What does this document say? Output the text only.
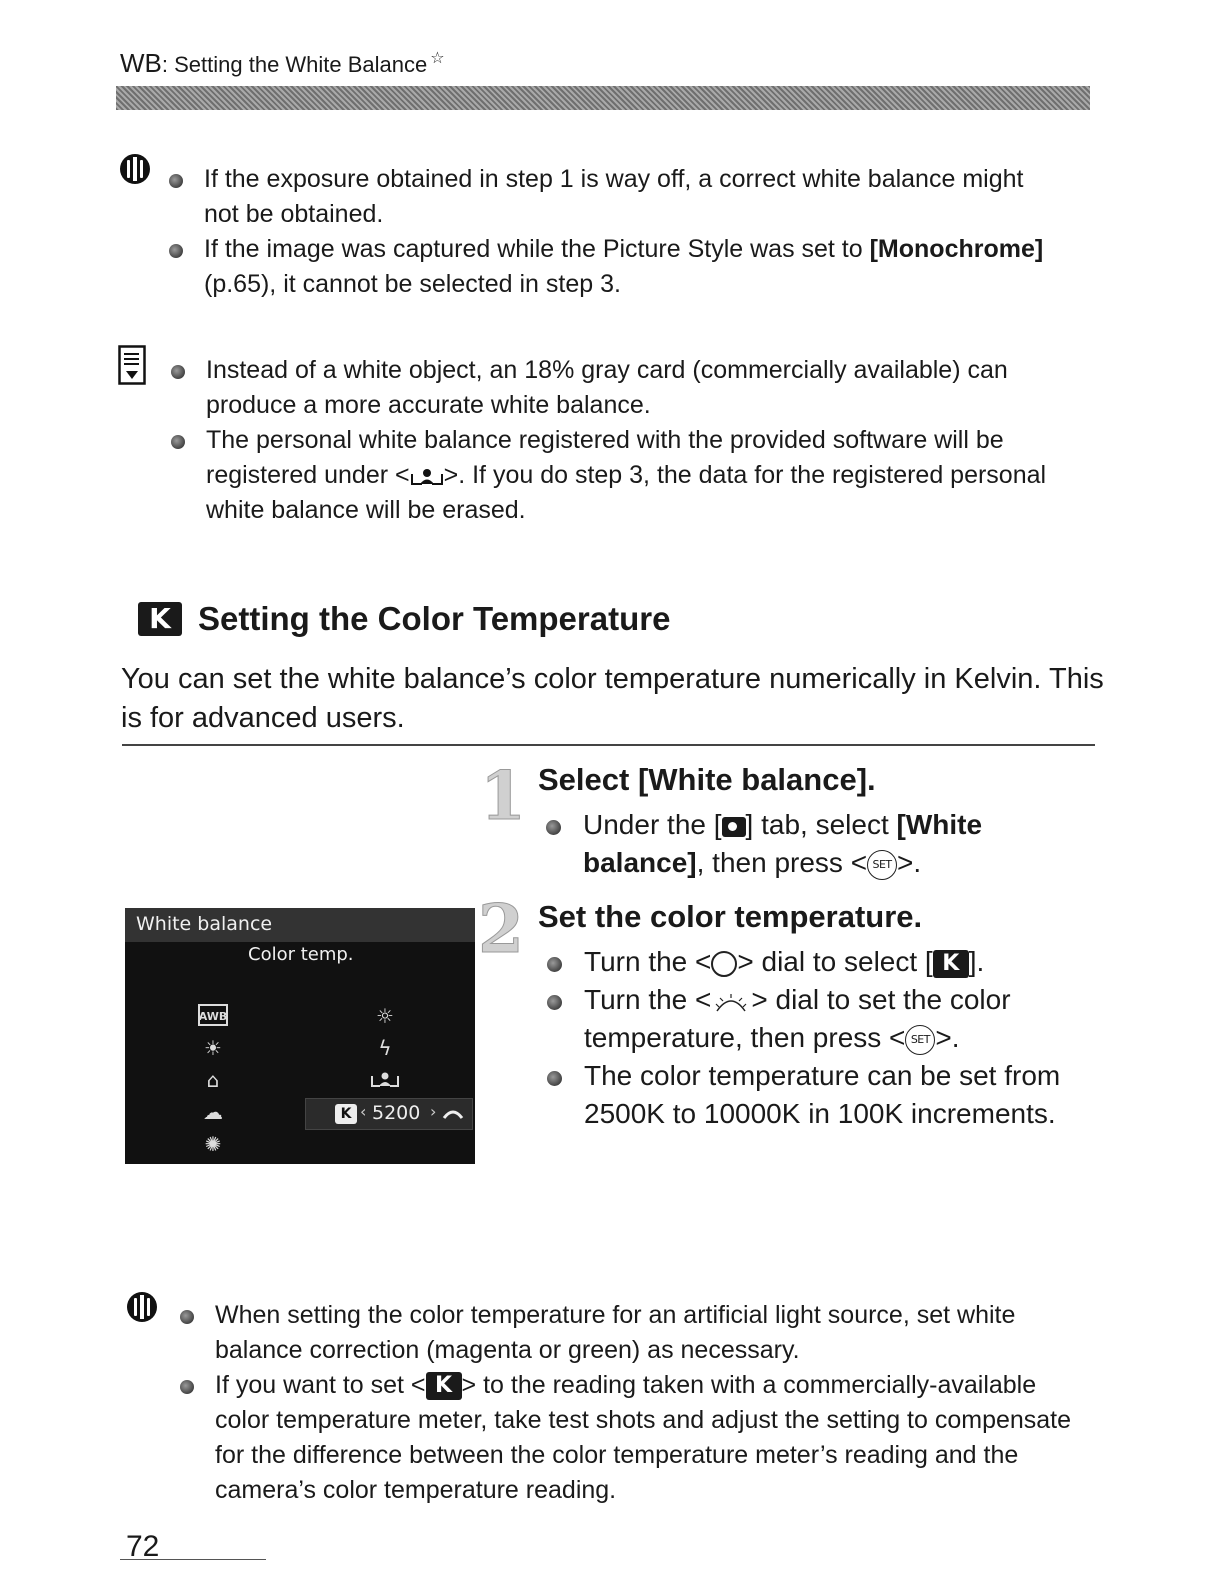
WB: Setting the White Balance ☆
If the exposure obtained in step 1 is way off, a correct white balance might not be obtained.
If the image was captured while the Picture Style was set to [Monochrome] (p.65), it cannot be selected in step 3.
Instead of a white object, an 18% gray card (commercially available) can produce a more accurate white balance.
The personal white balance registered with the provided software will be registered under < >. If you do step 3, the data for the registered personal white balance will be erased.
K Setting the Color Temperature
You can set the white balance’s color temperature numerically in Kelvin. This is for advanced users.
1 Select [White balance].
Under the [ ] tab, select [White balance], then press < SET >.
White balance
Color temp.
AWB
☀
⌂
☁
✺
☼
ϟ
K ‹ 5200 ›
2 Set the color temperature.
Turn the < > dial to select [ K ].
Turn the < > dial to set the color temperature, then press < SET >.
The color temperature can be set from 2500K to 10000K in 100K increments.
When setting the color temperature for an artificial light source, set white balance correction (magenta or green) as necessary.
If you want to set < K > to the reading taken with a commercially-available color temperature meter, take test shots and adjust the setting to compensate for the difference between the color temperature meter’s reading and the camera’s color temperature reading.
72
